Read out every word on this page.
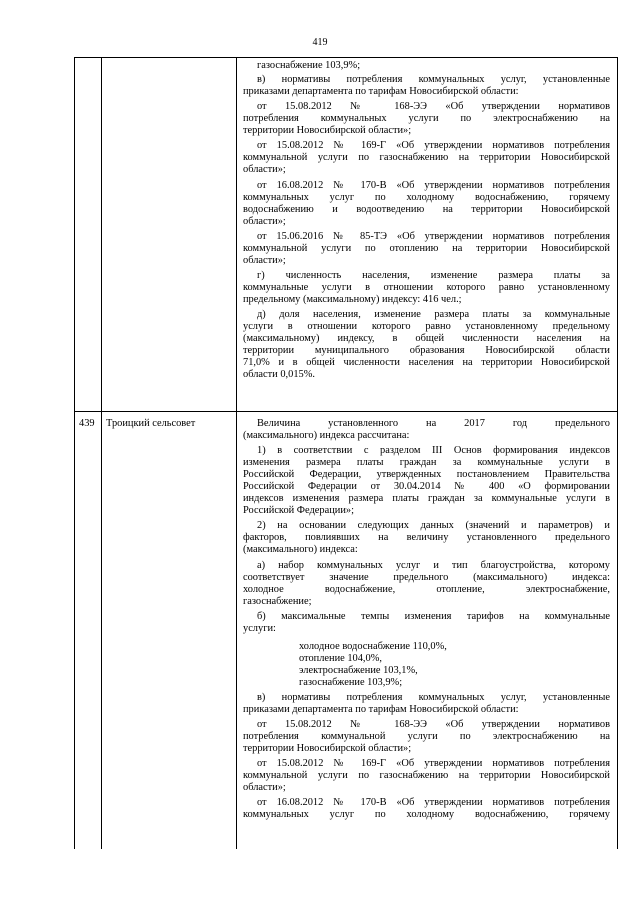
419

газоснабжение 103,9%;

в) нормативы потребления коммунальных услуг, установленные

приказами департамента по тарифам Новосибирской области:

от 15.08.2012 № 168-ЭЭ «Об утверждении нормативов

потребления коммунальных услуги по электроснабжению на

территории Новосибирской области»;

от 15.08.2012 № 169-Г «Об утверждении нормативов потребления

коммунальной услуги по газоснабжению на территории Новосибирской

области»;

от 16.08.2012 № 170-В «Об утверждении нормативов потребления

коммунальных услуг по холодному водоснабжению, горячему

водоснабжению и водоотведению на территории Новосибирской

области»;

от 15.06.2016 № 85-ТЭ «Об утверждении нормативов потребления

коммунальной услуги по отоплению на территории Новосибирской

области»;

г) численность населения, изменение размера платы за

коммунальные услуги в отношении которого равно установленному

предельному (максимальному) индексу: 416 чел.;

д) доля населения, изменение размера платы за коммунальные

услуги в отношении которого равно установленному предельному

(максимальному) индексу, в общей численности населения на

территории муниципального образования Новосибирской области

71,0% и в общей численности населения на территории Новосибирской

области 0,015%.

439 Троицкий сельсовет	Величина установленного на 2017 год предельного

(максимального) индекса рассчитана:

1) в соответствии с разделом III Основ формирования индексов

изменения размера платы граждан за коммунальные услуги в

Российской Федерации, утвержденных постановлением Правительства

Российской Федерации от 30.04.2014 № 400 «О формировании

индексов изменения размера платы граждан за коммунальные услуги в

Российской Федерации»;

2) на основании следующих данных (значений и параметров) и

факторов, повлиявших на величину установленного предельного

(максимального) индекса:

а) набор коммунальных услуг и тип благоустройства, которому

соответствует значение предельного (максимального) индекса:

холодное водоснабжение, отопление, электроснабжение,

газоснабжение;

б) максимальные темпы изменения тарифов на коммунальные

услуги:

холодное водоснабжение 110,0%,

отопление 104,0%,

электроснабжение 103,1%,

газоснабжение 103,9%;

в) нормативы потребления коммунальных услуг, установленные

приказами департамента по тарифам Новосибирской области:

от 15.08.2012 № 168-ЭЭ «Об утверждении нормативов

потребления коммунальной услуги по электроснабжению на

территории Новосибирской области»;

от 15.08.2012 № 169-Г «Об утверждении нормативов потребления

коммунальной услуги по газоснабжению на территории Новосибирской

области»;

от 16.08.2012 № 170-В «Об утверждении нормативов потребления

коммунальных услуг по холодному водоснабжению, горячему
